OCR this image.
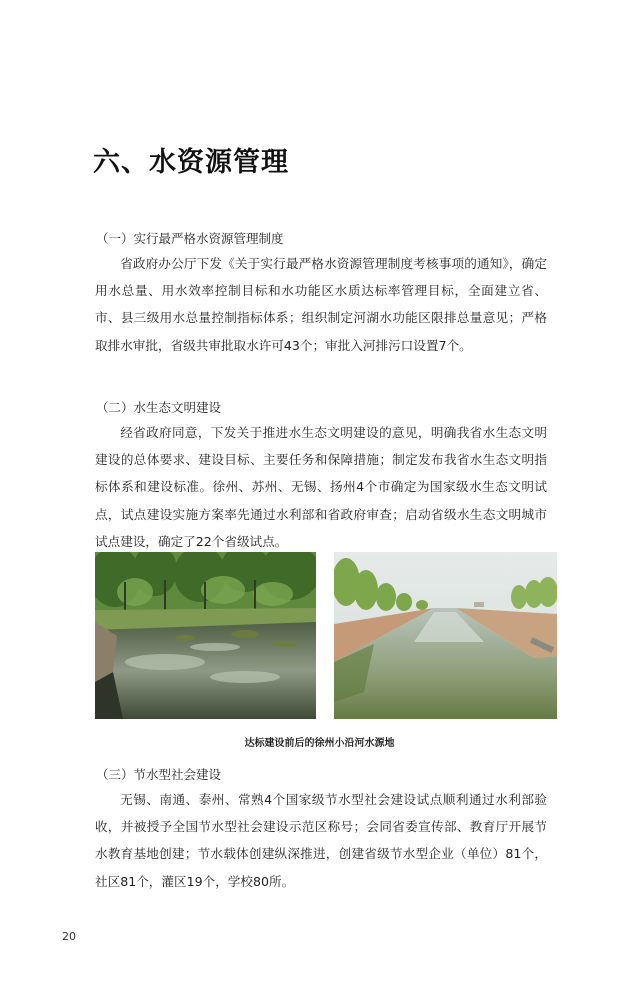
六、水资源管理
（一）实行最严格水资源管理制度

省政府办公厅下发《关于实行最严格水资源管理制度考核事项的通知》，确定用水总量、用水效率控制目标和水功能区水质达标率管理目标，全面建立省、市、县三级用水总量控制指标体系；组织制定河湖水功能区限排总量意见；严格取排水审批，省级共审批取水许可43个；审批入河排污口设置7个。

（二）水生态文明建设

经省政府同意，下发关于推进水生态文明建设的意见，明确我省水生态文明建设的总体要求、建设目标、主要任务和保障措施；制定发布我省水生态文明指标体系和建设标准。徐州、苏州、无锡、扬州4个市确定为国家级水生态文明试点，试点建设实施方案率先通过水利部和省政府审查；启动省级水生态文明城市试点建设，确定了22个省级试点。

达标建设前后的徐州小沿河水源地
（三）节水型社会建设

无锡、南通、泰州、常熟4个国家级节水型社会建设试点顺利通过水利部验收，并被授予全国节水型社会建设示范区称号；会同省委宣传部、教育厅开展节水教育基地创建；节水载体创建纵深推进，创建省级节水型企业（单位）81个，社区81个，灌区19个，学校80所。

20
